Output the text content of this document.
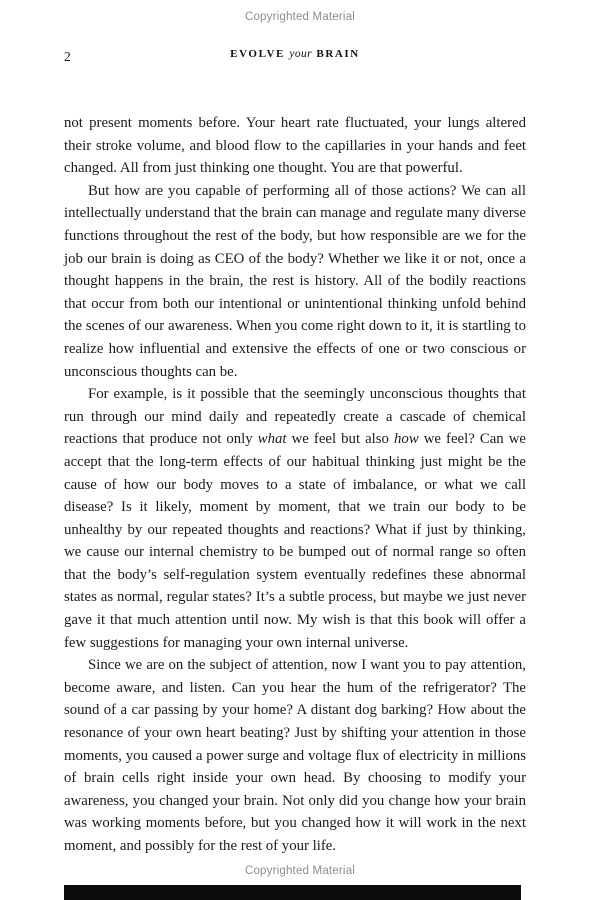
Copyrighted Material
2	EVOLVE your BRAIN

not present moments before. Your heart rate fluctuated, your lungs altered their stroke volume, and blood flow to the capillaries in your hands and feet changed. All from just thinking one thought. You are that powerful.

But how are you capable of performing all of those actions? We can all intellectually understand that the brain can manage and regulate many diverse functions throughout the rest of the body, but how responsible are we for the job our brain is doing as CEO of the body? Whether we like it or not, once a thought happens in the brain, the rest is history. All of the bodily reactions that occur from both our intentional or unintentional thinking unfold behind the scenes of our awareness. When you come right down to it, it is startling to realize how influential and extensive the effects of one or two conscious or unconscious thoughts can be.

For example, is it possible that the seemingly unconscious thoughts that run through our mind daily and repeatedly create a cascade of chemical reactions that produce not only what we feel but also how we feel? Can we accept that the long-term effects of our habitual thinking just might be the cause of how our body moves to a state of imbalance, or what we call disease? Is it likely, moment by moment, that we train our body to be unhealthy by our repeated thoughts and reactions? What if just by thinking, we cause our internal chemistry to be bumped out of normal range so often that the body’s self-regulation system eventually redefines these abnormal states as normal, regular states? It’s a subtle process, but maybe we just never gave it that much attention until now. My wish is that this book will offer a few suggestions for managing your own internal universe.

Since we are on the subject of attention, now I want you to pay attention, become aware, and listen. Can you hear the hum of the refrigerator? The sound of a car passing by your home? A distant dog barking? How about the resonance of your own heart beating? Just by shifting your attention in those moments, you caused a power surge and voltage flux of electricity in millions of brain cells right inside your own head. By choosing to modify your awareness, you changed your brain. Not only did you change how your brain was working moments before, but you changed how it will work in the next moment, and possibly for the rest of your life.

Copyrighted Material
